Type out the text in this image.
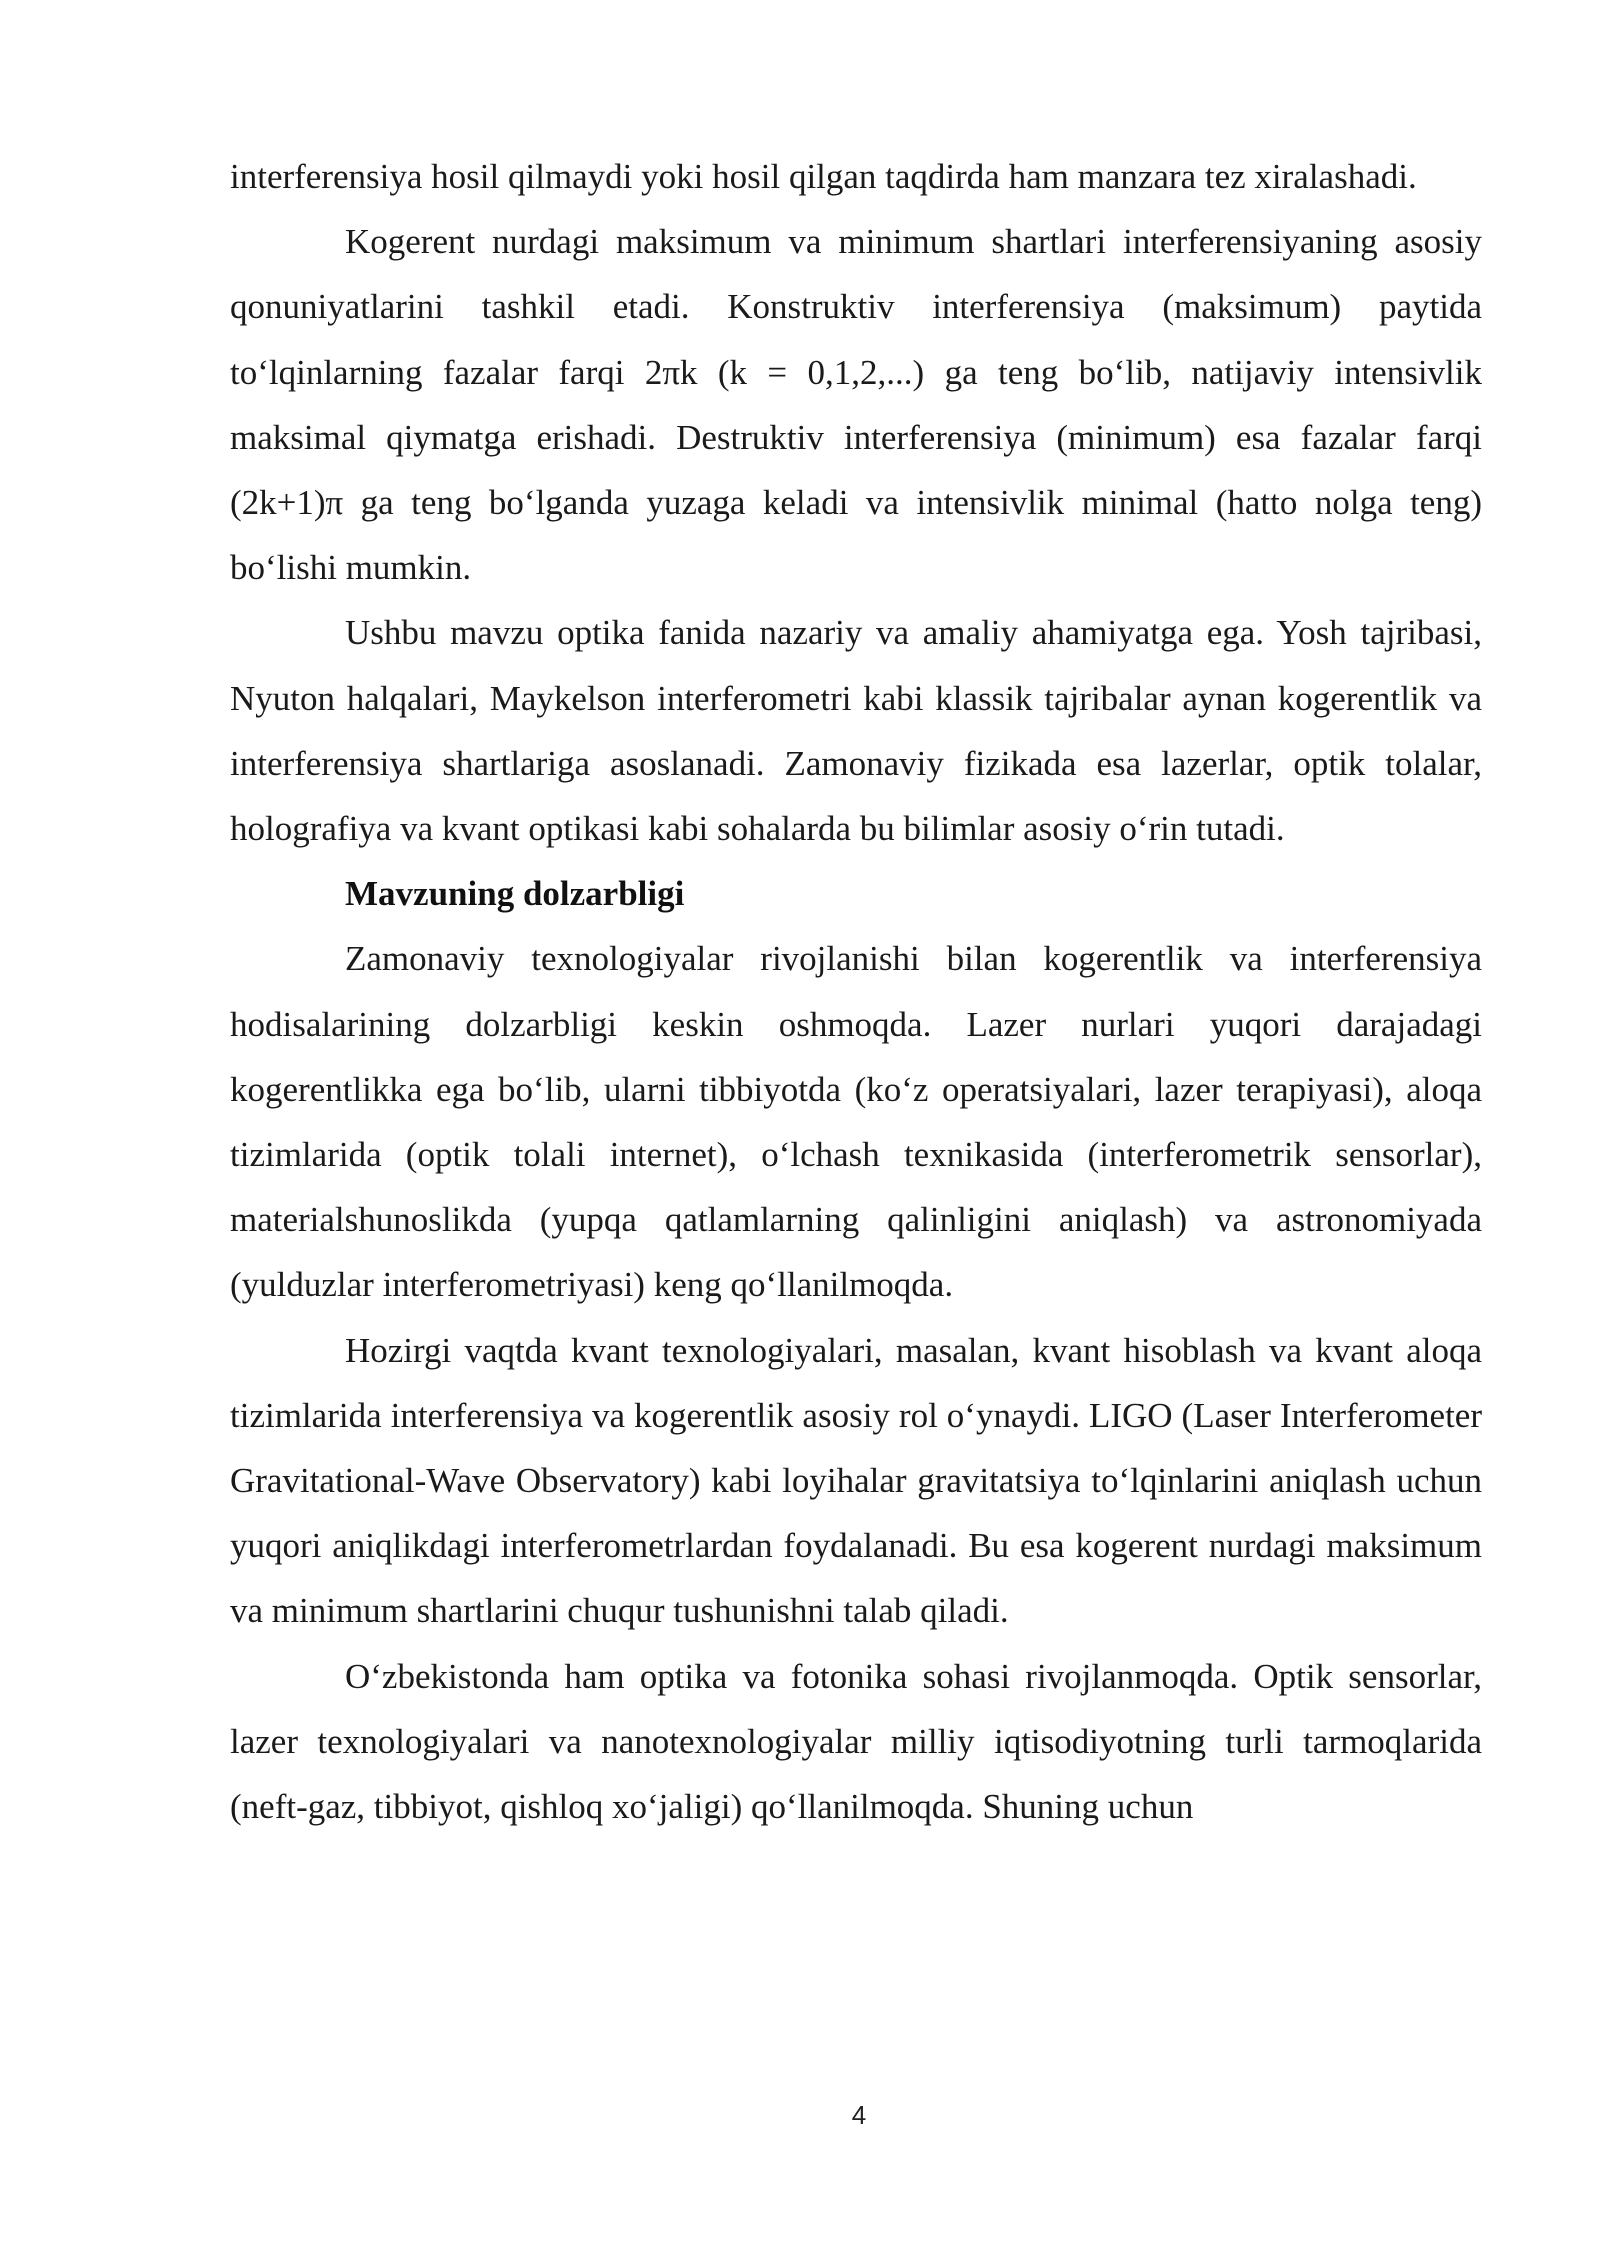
interferensiya hosil qilmaydi yoki hosil qilgan taqdirda ham manzara tez xiralashadi.

Kogerent nurdagi maksimum va minimum shartlari interferensiyaning asosiy qonuniyatlarini tashkil etadi. Konstruktiv interferensiya (maksimum) paytida to‘lqinlarning fazalar farqi 2πk (k = 0,1,2,...) ga teng bo‘lib, natijaviy intensivlik maksimal qiymatga erishadi. Destruktiv interferensiya (minimum) esa fazalar farqi (2k+1)π ga teng bo‘lganda yuzaga keladi va intensivlik minimal (hatto nolga teng) bo‘lishi mumkin.

Ushbu mavzu optika fanida nazariy va amaliy ahamiyatga ega. Yosh tajribasi, Nyuton halqalari, Maykelson interferometri kabi klassik tajribalar aynan kogerentlik va interferensiya shartlariga asoslanadi. Zamonaviy fizikada esa lazerlar, optik tolalar, holografiya va kvant optikasi kabi sohalarda bu bilimlar asosiy o‘rin tutadi.

Mavzuning dolzarbligi

Zamonaviy texnologiyalar rivojlanishi bilan kogerentlik va interferensiya hodisalarining dolzarbligi keskin oshmoqda. Lazer nurlari yuqori darajadagi kogerentlikka ega bo‘lib, ularni tibbiyotda (ko‘z operatsiyalari, lazer terapiyasi), aloqa tizimlarida (optik tolali internet), o‘lchash texnikasida (interferometrik sensorlar), materialshunoslikda (yupqa qatlamlarning qalinligini aniqlash) va astronomiyada (yulduzlar interferometriyasi) keng qo‘llanilmoqda.

Hozirgi vaqtda kvant texnologiyalari, masalan, kvant hisoblash va kvant aloqa tizimlarida interferensiya va kogerentlik asosiy rol o‘ynaydi. LIGO (Laser Interferometer Gravitational-Wave Observatory) kabi loyihalar gravitatsiya to‘lqinlarini aniqlash uchun yuqori aniqlikdagi interferometrlardan foydalanadi. Bu esa kogerent nurdagi maksimum va minimum shartlarini chuqur tushunishni talab qiladi.

O‘zbekistonda ham optika va fotonika sohasi rivojlanmoqda. Optik sensorlar, lazer texnologiyalari va nanotexnologiyalar milliy iqtisodiyotning turli tarmoqlarida (neft-gaz, tibbiyot, qishloq xo‘jaligi) qo‘llanilmoqda. Shuning uchun

4
